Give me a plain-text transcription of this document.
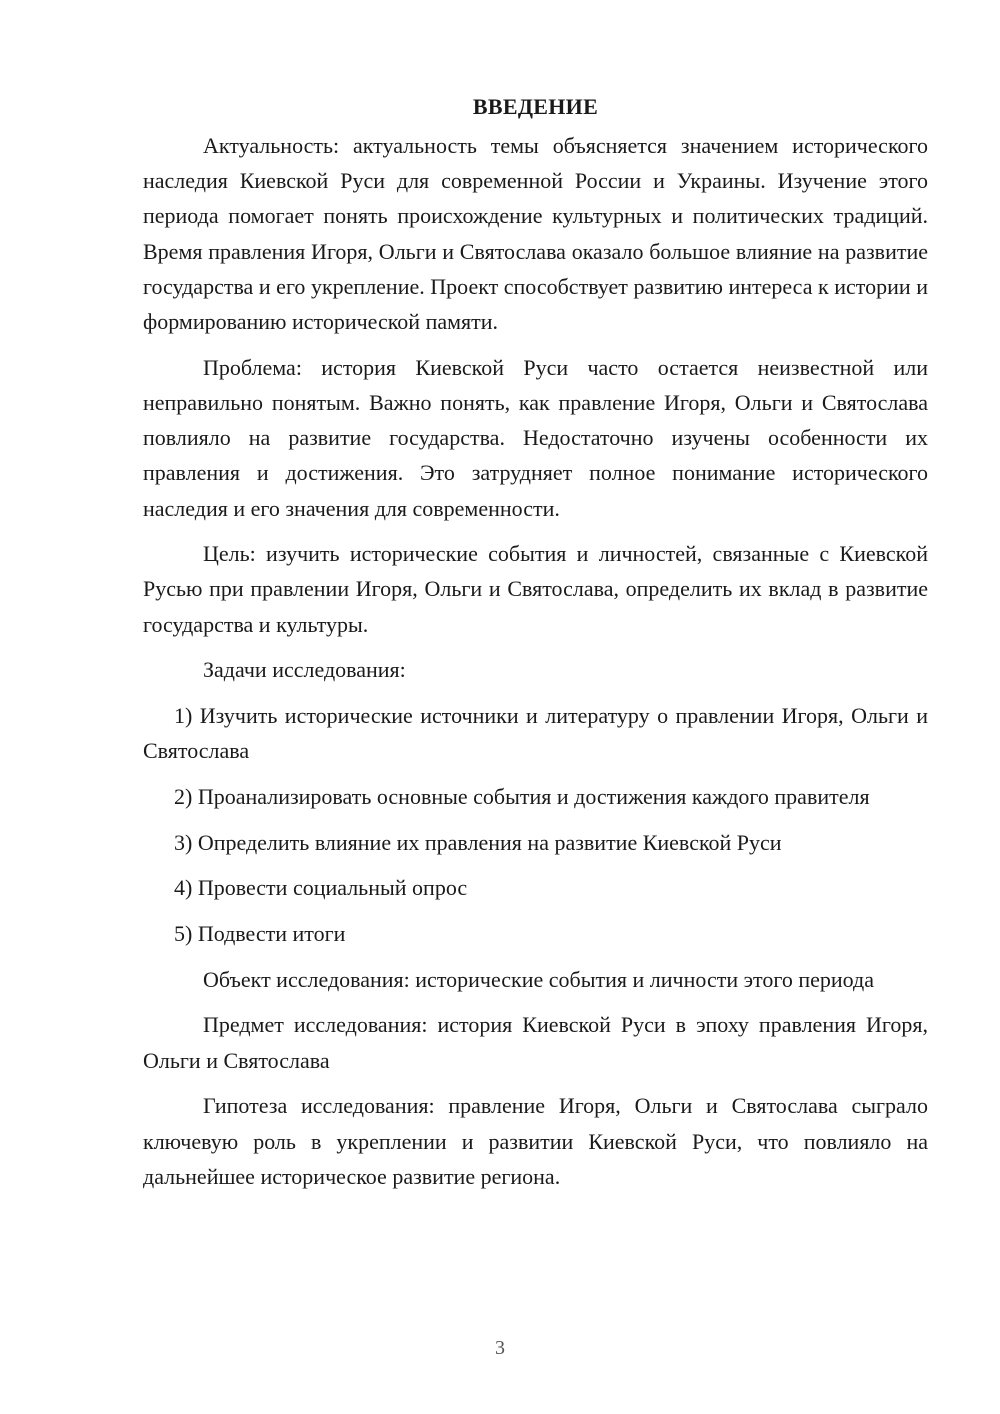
ВВЕДЕНИЕ

Актуальность: актуальность темы объясняется значением исторического наследия Киевской Руси для современной России и Украины. Изучение этого периода помогает понять происхождение культурных и политических традиций. Время правления Игоря, Ольги и Святослава оказало большое влияние на развитие государства и его укрепление. Проект способствует развитию интереса к истории и формированию исторической памяти.

Проблема: история Киевской Руси часто остается неизвестной или неправильно понятым. Важно понять, как правление Игоря, Ольги и Святослава повлияло на развитие государства. Недостаточно изучены особенности их правления и достижения. Это затрудняет полное понимание исторического наследия и его значения для современности.

Цель: изучить исторические события и личностей, связанные с Киевской Русью при правлении Игоря, Ольги и Святослава, определить их вклад в развитие государства и культуры.

Задачи исследования:

1) Изучить исторические источники и литературу о правлении Игоря, Ольги и Святослава

2) Проанализировать основные события и достижения каждого правителя

3) Определить влияние их правления на развитие Киевской Руси

4) Провести социальный опрос

5) Подвести итоги

Объект исследования: исторические события и личности этого периода

Предмет исследования: история Киевской Руси в эпоху правления Игоря, Ольги и Святослава

Гипотеза исследования: правление Игоря, Ольги и Святослава сыграло ключевую роль в укреплении и развитии Киевской Руси, что повлияло на дальнейшее историческое развитие региона.

3
